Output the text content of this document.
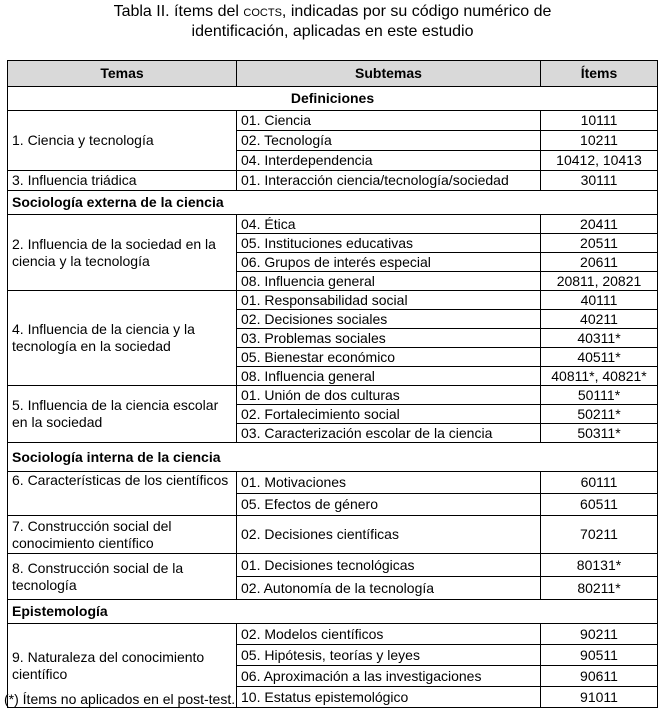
Tabla II. ítems del cocts, indicadas por su código numérico de
identificación, aplicadas en este estudio
Temas	Subtemas	Ítems
Definiciones		
1. Ciencia y tecnología	01. Ciencia	10111
	02. Tecnología	10211
	04. Interdependencia	10412, 10413
3. Influencia triádica	01. Interacción ciencia/tecnología/sociedad	30111
Sociología externa de la ciencia		
2. Influencia de la sociedad en la ciencia y la tecnología	04. Ética	20411
	05. Instituciones educativas	20511
	06. Grupos de interés especial	20611
	08. Influencia general	20811, 20821
4. Influencia de la ciencia y la tecnología en la sociedad	01. Responsabilidad social	40111
	02. Decisiones sociales	40211
	03. Problemas sociales	40311*
	05. Bienestar económico	40511*
	08. Influencia general	40811*, 40821*
5. Influencia de la ciencia escolar en la sociedad	01. Unión de dos culturas	50111*
	02. Fortalecimiento social	50211*
	03. Caracterización escolar de la ciencia	50311*
Sociología interna de la ciencia		
6. Características de los científicos	01. Motivaciones	60111
	05. Efectos de género	60511
7. Construcción social del conocimiento científico	02. Decisiones científicas	70211
8. Construcción social de la tecnología	01. Decisiones tecnológicas	80131*
	02. Autonomía de la tecnología	80211*
Epistemología		
9. Naturaleza del conocimiento científico	02. Modelos científicos	90211
	05. Hipótesis, teorías y leyes	90511
	06. Aproximación a las investigaciones	90611
	10. Estatus epistemológico	91011
(*) Ítems no aplicados en el post-test.
